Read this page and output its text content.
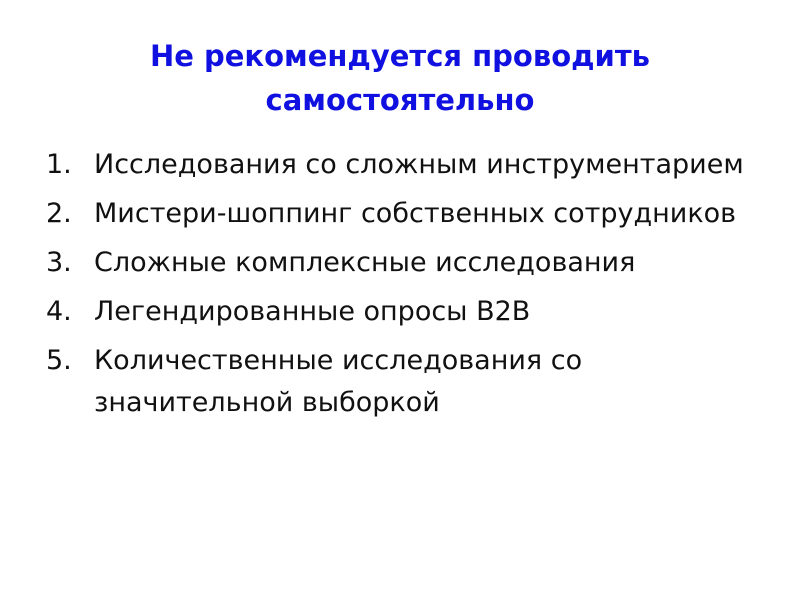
Не рекомендуется проводить самостоятельно
1. Исследования со сложным инструментарием
2. Мистери-шоппинг собственных сотрудников
3. Сложные комплексные исследования
4. Легендированные опросы B2B
5. Количественные исследования со значительной выборкой
